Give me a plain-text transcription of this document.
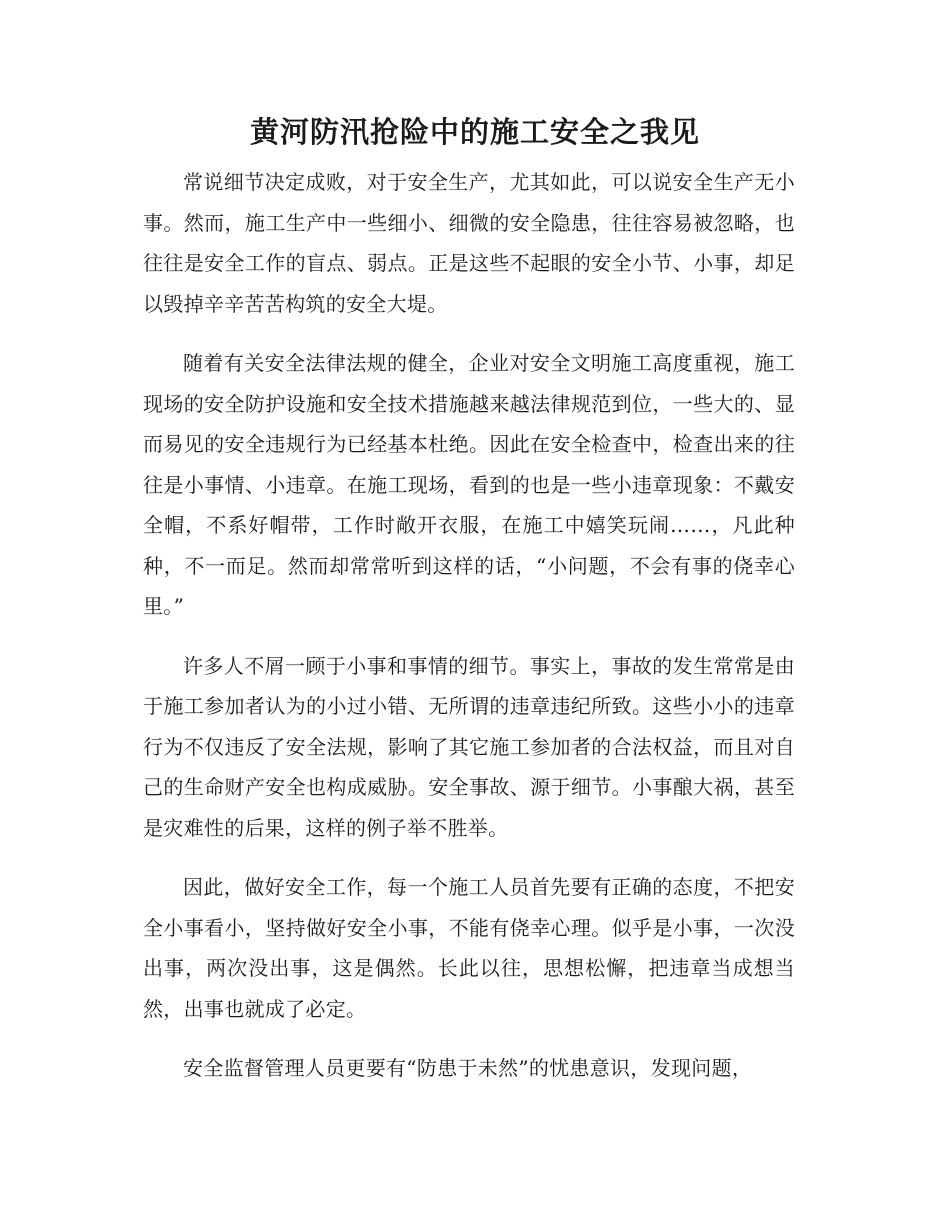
黄河防汛抢险中的施工安全之我见

常说细节决定成败，对于安全生产，尤其如此，可以说安全生产无小事。然而，施工生产中一些细小、细微的安全隐患，往往容易被忽略，也往往是安全工作的盲点、弱点。正是这些不起眼的安全小节、小事，却足以毁掉辛辛苦苦构筑的安全大堤。

随着有关安全法律法规的健全，企业对安全文明施工高度重视，施工现场的安全防护设施和安全技术措施越来越法律规范到位，一些大的、显而易见的安全违规行为已经基本杜绝。因此在安全检查中，检查出来的往往是小事情、小违章。在施工现场，看到的也是一些小违章现象：不戴安全帽，不系好帽带，工作时敞开衣服，在施工中嬉笑玩闹……，凡此种种，不一而足。然而却常常听到这样的话，“小问题，不会有事的侥幸心里。”

许多人不屑一顾于小事和事情的细节。事实上，事故的发生常常是由于施工参加者认为的小过小错、无所谓的违章违纪所致。这些小小的违章行为不仅违反了安全法规，影响了其它施工参加者的合法权益，而且对自己的生命财产安全也构成威胁。安全事故、源于细节。小事酿大祸，甚至是灾难性的后果，这样的例子举不胜举。

因此，做好安全工作，每一个施工人员首先要有正确的态度，不把安全小事看小，坚持做好安全小事，不能有侥幸心理。似乎是小事，一次没出事，两次没出事，这是偶然。长此以往，思想松懈，把违章当成想当然，出事也就成了必定。

安全监督管理人员更要有“防患于未然”的忧患意识，发现问题，
